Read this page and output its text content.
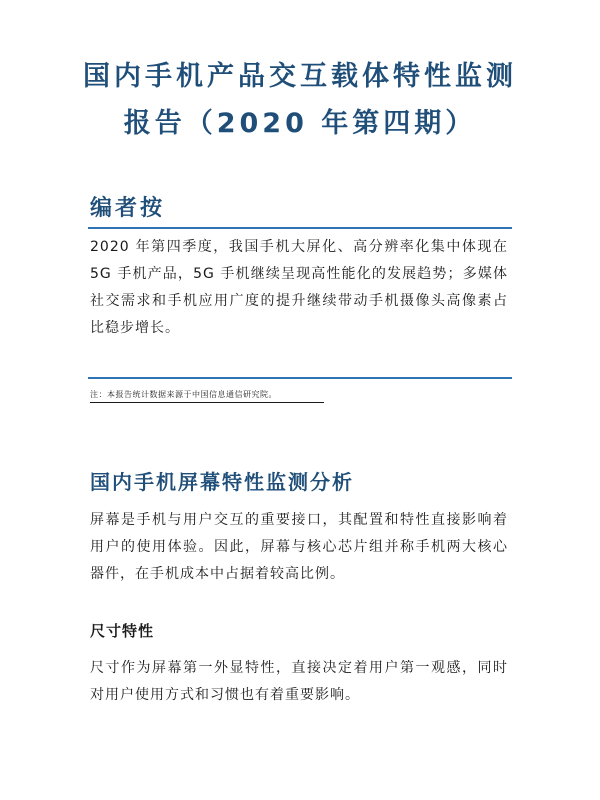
国内手机产品交互载体特性监测
报告（2020 年第四期）
编者按

2020 年第四季度，我国手机大屏化、高分辨率化集中体现在 5G 手机产品，5G 手机继续呈现高性能化的发展趋势；多媒体社交需求和手机应用广度的提升继续带动手机摄像头高像素占比稳步增长。

注：本报告统计数据来源于中国信息通信研究院。

国内手机屏幕特性监测分析

屏幕是手机与用户交互的重要接口，其配置和特性直接影响着用户的使用体验。因此，屏幕与核心芯片组并称手机两大核心器件，在手机成本中占据着较高比例。

尺寸特性

尺寸作为屏幕第一外显特性，直接决定着用户第一观感，同时对用户使用方式和习惯也有着重要影响。
